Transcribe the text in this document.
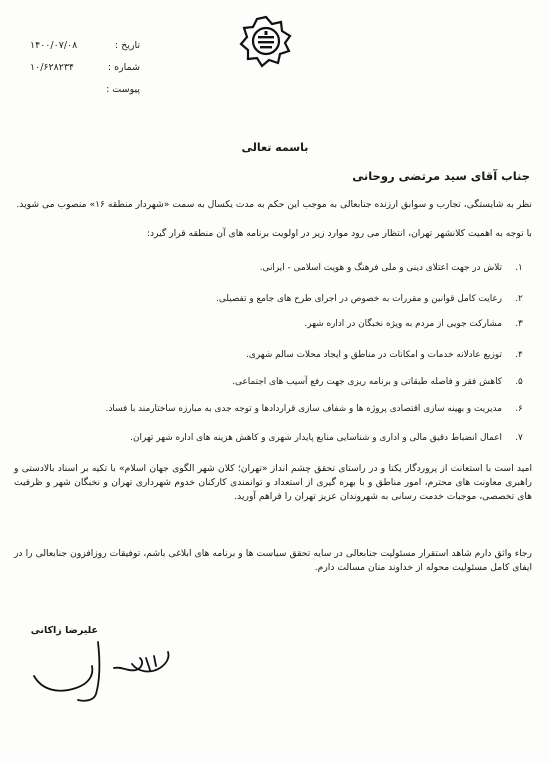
تاریخ :
۱۴۰۰/۰۷/۰۸
شماره :
۱۰/۶۲۸۲۳۴
پیوست :
باسمه تعالی
جناب آقای سید مرتضی روحانی
نظر به شایستگی، تجارب و سوابق ارزنده جنابعالی به موجب این حکم به مدت یکسال به سمت «شهردار منطقه ۱۶» منصوب می شوید.
با توجه به اهمیت کلانشهر تهران، انتظار می رود موارد زیر در اولویت برنامه های آن منطقه قرار گیرد:
۱.
تلاش در جهت اعتلای دینی و ملی فرهنگ و هویت اسلامی - ایرانی.
۲.
رعایت کامل قوانین و مقررات به خصوص در اجرای طرح های جامع و تفصیلی.
۳.
مشارکت جویی از مردم به ویژه نخبگان در اداره شهر.
۴.
توزیع عادلانه خدمات و امکانات در مناطق و ایجاد محلات سالم شهری.
۵.
کاهش فقر و فاصله طبقاتی و برنامه ریزی جهت رفع آسیب های اجتماعی.
۶.
مدیریت و بهینه سازی اقتصادی پروژه ها و شفاف سازی قراردادها و توجه جدی به مبارزه ساختارمند با فساد.
۷.
اعمال انضباط دقیق مالی و اداری و شناسایی منابع پایدار شهری و کاهش هزینه های اداره شهر تهران.
امید است با استعانت از پروردگار یکتا و در راستای تحقق چشم انداز «تهران؛ کلان شهر الگوی جهان اسلام» با تکیه بر اسناد بالادستی و راهبری معاونت های محترم، امور مناطق و با بهره گیری از استعداد و توانمندی کارکنان خدوم شهرداری تهران و نخبگان شهر و ظرفیت های تخصصی، موجبات خدمت رسانی به شهروندان عزیز تهران را فراهم آورید.
رجاء واثق دارم شاهد استقرار مسئولیت جنابعالی در سایه تحقق سیاست ها و برنامه های ابلاغی باشم، توفیقات روزافزون جنابعالی را در ایفای کامل مسئولیت محوله از خداوند منان مسالت دارم.
علیرضا زاکانی
